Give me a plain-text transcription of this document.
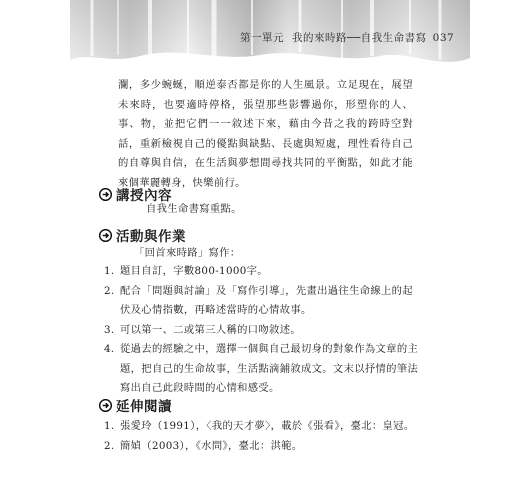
第一單元 我的來時路──自我生命書寫 037

瀾，多少蜿蜒，順逆泰否都是你的人生風景。立足現在，展望未來時，也要適時停格，張望那些影響過你，形塑你的人、事、物，並把它們一一敘述下來，藉由今昔之我的跨時空對話，重新檢視自己的優點與缺點、長處與短處，理性看待自己的自尊與自信，在生活與夢想間尋找共同的平衡點，如此才能來個華麗轉身，快樂前行。

講授內容
自我生命書寫重點。
活動與作業
「回首來時路」寫作：
1. 題目自訂，字數800-1000字。
2. 配合「問題與討論」及「寫作引導」，先畫出過往生命線上的起伏及心情指數，再略述當時的心情故事。
3. 可以第一、二或第三人稱的口吻敘述。
4. 從過去的經驗之中，選擇一個與自己最切身的對象作為文章的主題，把自己的生命故事，生活點滴鋪敘成文。文末以抒情的筆法寫出自己此段時間的心情和感受。
延伸閱讀
1. 張愛玲（1991），〈我的天才夢〉，載於《張看》，臺北：皇冠。
2. 簡媜（2003），《水問》，臺北：洪範。
